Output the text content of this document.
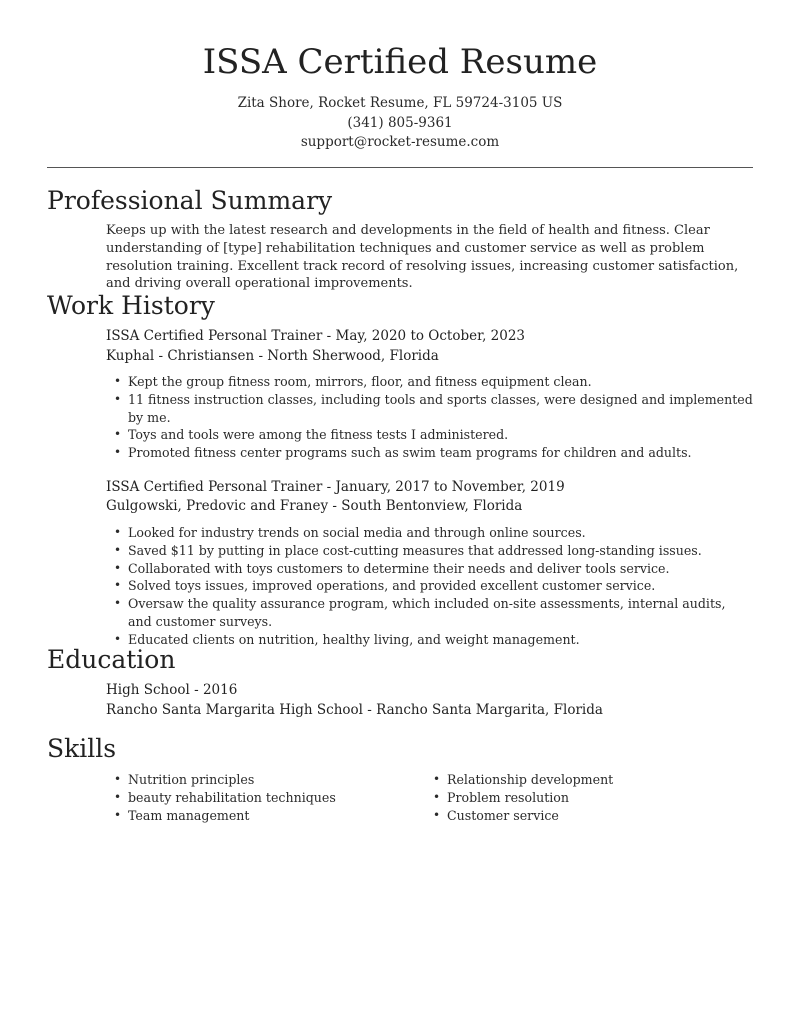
ISSA Certified Resume
Zita Shore, Rocket Resume, FL 59724-3105 US
(341) 805-9361
support@rocket-resume.com
Professional Summary

Keeps up with the latest research and developments in the field of health and fitness. Clear understanding of [type] rehabilitation techniques and customer service as well as problem resolution training. Excellent track record of resolving issues, increasing customer satisfaction, and driving overall operational improvements.

Work History
ISSA Certified Personal Trainer - May, 2020 to October, 2023
Kuphal - Christiansen - North Sherwood, Florida
• Kept the group fitness room, mirrors, floor, and fitness equipment clean.
• 11 fitness instruction classes, including tools and sports classes, were designed and implemented by me.
• Toys and tools were among the fitness tests I administered.
• Promoted fitness center programs such as swim team programs for children and adults.
ISSA Certified Personal Trainer - January, 2017 to November, 2019
Gulgowski, Predovic and Franey - South Bentonview, Florida
• Looked for industry trends on social media and through online sources.
• Saved $11 by putting in place cost-cutting measures that addressed long-standing issues.
• Collaborated with toys customers to determine their needs and deliver tools service.
• Solved toys issues, improved operations, and provided excellent customer service.
• Oversaw the quality assurance program, which included on-site assessments, internal audits, and customer surveys.
• Educated clients on nutrition, healthy living, and weight management.
Education
High School - 2016
Rancho Santa Margarita High School - Rancho Santa Margarita, Florida
Skills
• Nutrition principles
• beauty rehabilitation techniques
• Team management
• Relationship development
• Problem resolution
• Customer service
